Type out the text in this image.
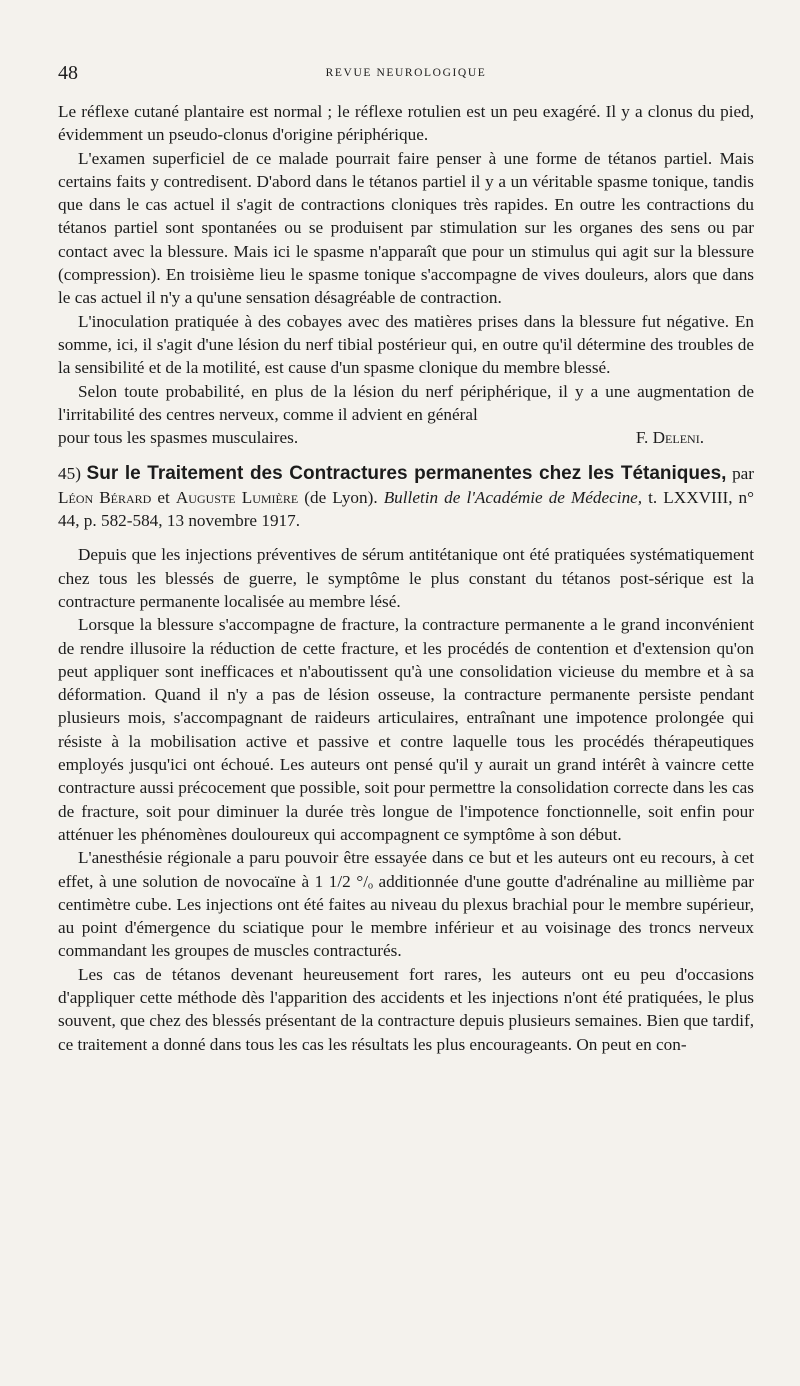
48	REVUE NEUROLOGIQUE

Le réflexe cutané plantaire est normal ; le réflexe rotulien est un peu exagéré. Il y a clonus du pied, évidemment un pseudo-clonus d'origine périphérique.

L'examen superficiel de ce malade pourrait faire penser à une forme de tétanos partiel. Mais certains faits y contredisent. D'abord dans le tétanos partiel il y a un véritable spasme tonique, tandis que dans le cas actuel il s'agit de contractions cloniques très rapides. En outre les contractions du tétanos partiel sont spontanées ou se produisent par stimulation sur les organes des sens ou par contact avec la blessure. Mais ici le spasme n'apparaît que pour un stimulus qui agit sur la blessure (compression). En troisième lieu le spasme tonique s'accompagne de vives douleurs, alors que dans le cas actuel il n'y a qu'une sensation désagréable de contraction.

L'inoculation pratiquée à des cobayes avec des matières prises dans la blessure fut négative. En somme, ici, il s'agit d'une lésion du nerf tibial postérieur qui, en outre qu'il détermine des troubles de la sensibilité et de la motilité, est cause d'un spasme clonique du membre blessé.

Selon toute probabilité, en plus de la lésion du nerf périphérique, il y a une augmentation de l'irritabilité des centres nerveux, comme il advient en général
pour tous les spasmes musculaires.	F. Deleni.

45) Sur le Traitement des Contractures permanentes chez les Tétaniques, par Léon Bérard et Auguste Lumière (de Lyon). Bulletin de l'Académie de Médecine, t. LXXVIII, n° 44, p. 582-584, 13 novembre 1917.

Depuis que les injections préventives de sérum antitétanique ont été pratiquées systématiquement chez tous les blessés de guerre, le symptôme le plus constant du tétanos post-sérique est la contracture permanente localisée au membre lésé.

Lorsque la blessure s'accompagne de fracture, la contracture permanente a le grand inconvénient de rendre illusoire la réduction de cette fracture, et les procédés de contention et d'extension qu'on peut appliquer sont inefficaces et n'aboutissent qu'à une consolidation vicieuse du membre et à sa déformation. Quand il n'y a pas de lésion osseuse, la contracture permanente persiste pendant plusieurs mois, s'accompagnant de raideurs articulaires, entraînant une impotence prolongée qui résiste à la mobilisation active et passive et contre laquelle tous les procédés thérapeutiques employés jusqu'ici ont échoué. Les auteurs ont pensé qu'il y aurait un grand intérêt à vaincre cette contracture aussi précocement que possible, soit pour permettre la consolidation correcte dans les cas de fracture, soit pour diminuer la durée très longue de l'impotence fonctionnelle, soit enfin pour atténuer les phénomènes douloureux qui accompagnent ce symptôme à son début.

L'anesthésie régionale a paru pouvoir être essayée dans ce but et les auteurs ont eu recours, à cet effet, à une solution de novocaïne à 1 1/2 °/ₒ additionnée d'une goutte d'adrénaline au millième par centimètre cube. Les injections ont été faites au niveau du plexus brachial pour le membre supérieur, au point d'émergence du sciatique pour le membre inférieur et au voisinage des troncs nerveux commandant les groupes de muscles contracturés.

Les cas de tétanos devenant heureusement fort rares, les auteurs ont eu peu d'occasions d'appliquer cette méthode dès l'apparition des accidents et les injections n'ont été pratiquées, le plus souvent, que chez des blessés présentant de la contracture depuis plusieurs semaines. Bien que tardif, ce traitement a donné dans tous les cas les résultats les plus encourageants. On peut en con-
